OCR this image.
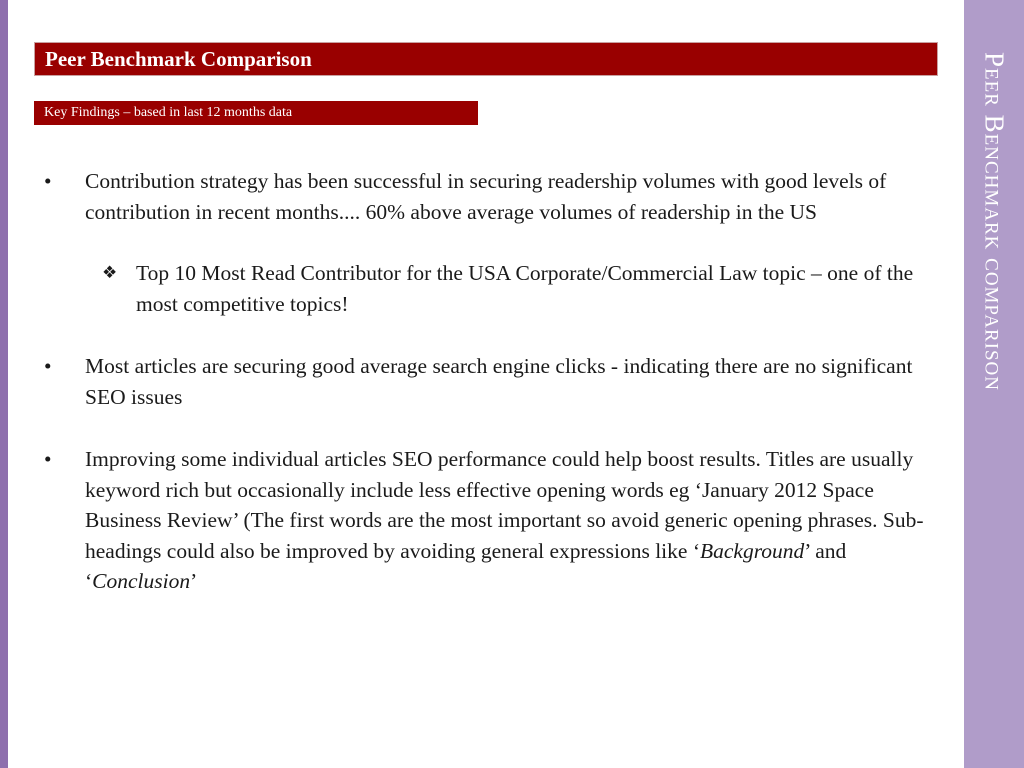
Peer Benchmark comparison
Peer Benchmark Comparison
Key Findings – based in last 12 months data
• Contribution strategy has been successful in securing readership volumes with good levels of contribution in recent months.... 60% above average volumes of readership in the US
❖ Top 10 Most Read Contributor for the USA Corporate/Commercial Law topic – one of the most competitive topics!
• Most articles are securing good average search engine clicks - indicating there are no significant SEO issues
• Improving some individual articles SEO performance could help boost results. Titles are usually keyword rich but occasionally include less effective opening words eg ‘January 2012 Space Business Review’ (The first words are the most important so avoid generic opening phrases. Sub-headings could also be improved by avoiding general expressions like ‘Background’ and ‘Conclusion’
